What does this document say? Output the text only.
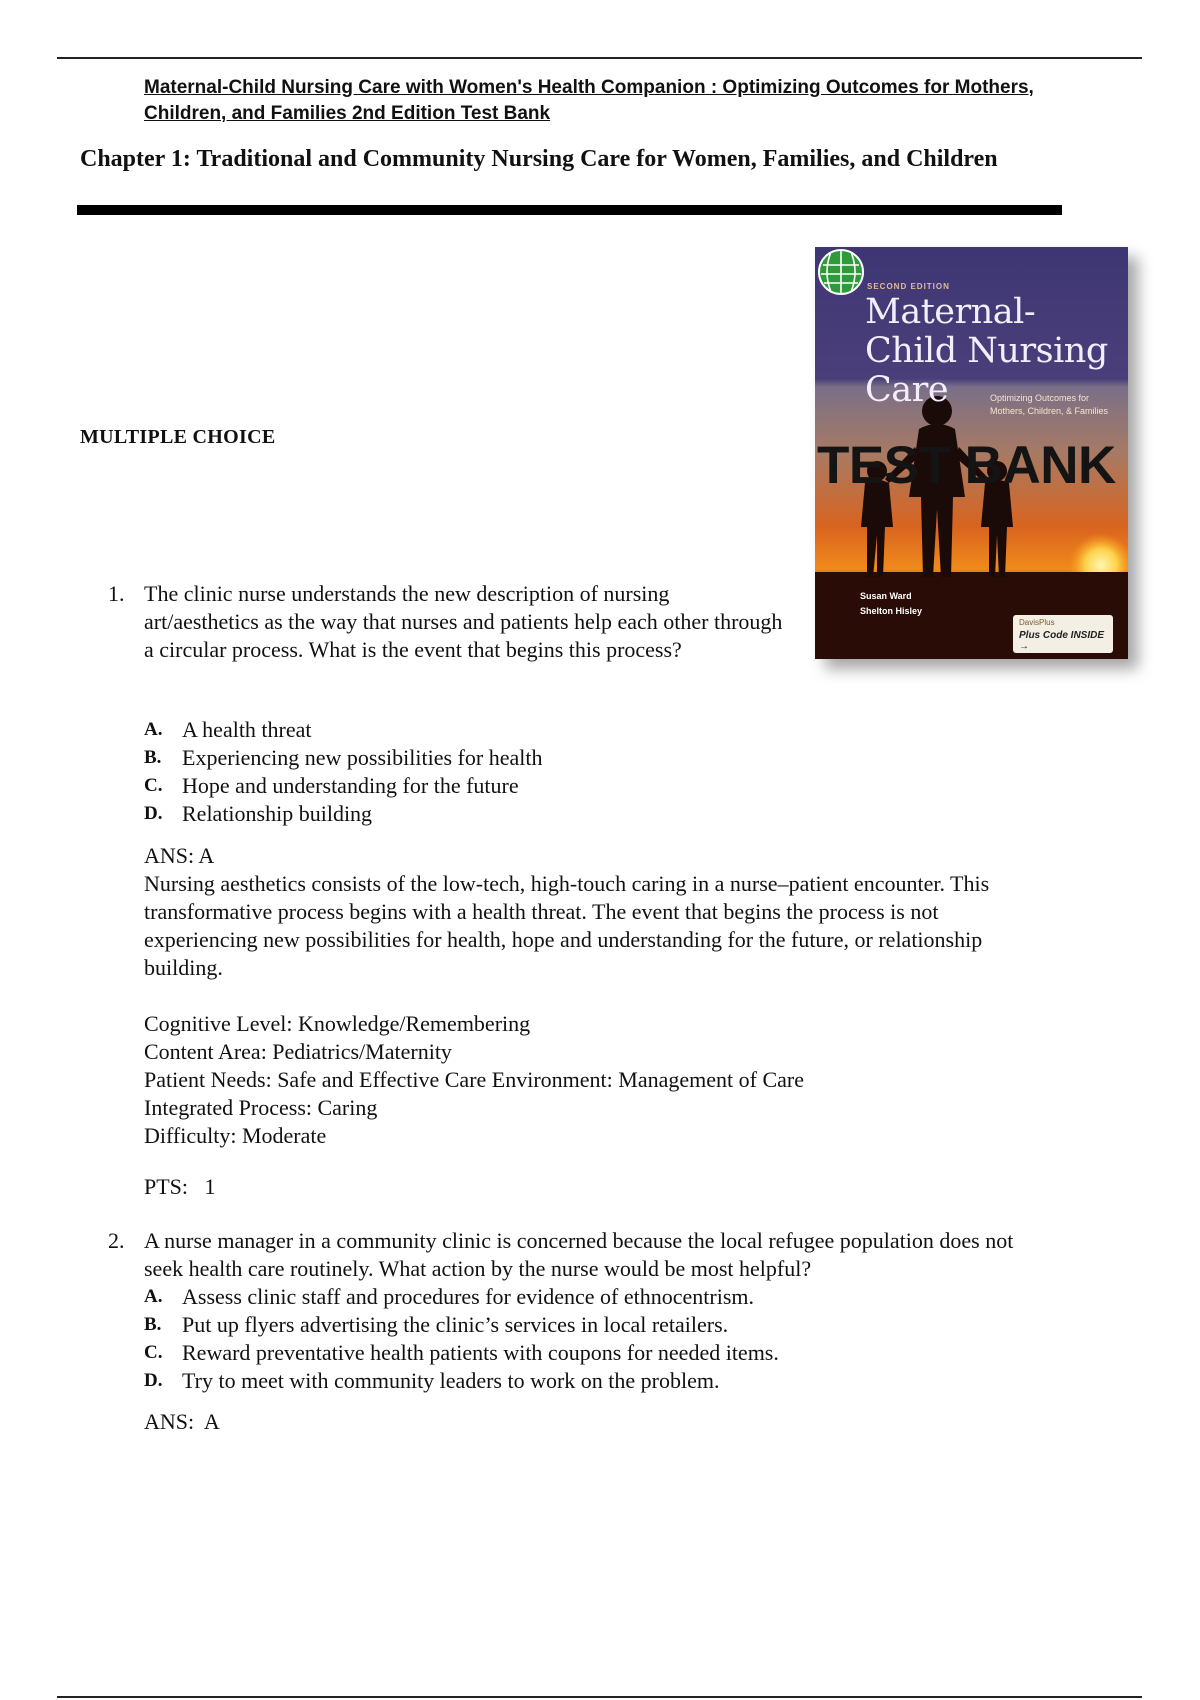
Maternal-Child Nursing Care with Women's Health Companion : Optimizing Outcomes for Mothers, Children, and Families 2nd Edition Test Bank
Chapter 1: Traditional and Community Nursing Care for Women, Families, and Children
MULTIPLE CHOICE
SECOND EDITION
Maternal-Child Nursing Care	Optimizing Outcomes for Mothers, Children, & Families
TEST BANK
Susan Ward
Shelton Hisley
DavisPlus
Plus Code INSIDE →
1. The clinic nurse understands the new description of nursing art/aesthetics as the way that nurses and patients help each other through a circular process. What is the event that begins this process?
A. A health threat
B. Experiencing new possibilities for health
C. Hope and understanding for the future
D. Relationship building
ANS: A
Nursing aesthetics consists of the low-tech, high-touch caring in a nurse–patient encounter. This transformative process begins with a health threat. The event that begins the process is not experiencing new possibilities for health, hope and understanding for the future, or relationship building.
Cognitive Level: Knowledge/Remembering
Content Area: Pediatrics/Maternity
Patient Needs: Safe and Effective Care Environment: Management of Care
Integrated Process: Caring
Difficulty: Moderate
PTS:   1
2. A nurse manager in a community clinic is concerned because the local refugee population does not seek health care routinely. What action by the nurse would be most helpful?
A. Assess clinic staff and procedures for evidence of ethnocentrism.
B. Put up flyers advertising the clinic’s services in local retailers.
C. Reward preventative health patients with coupons for needed items.
D. Try to meet with community leaders to work on the problem.
ANS:  A
